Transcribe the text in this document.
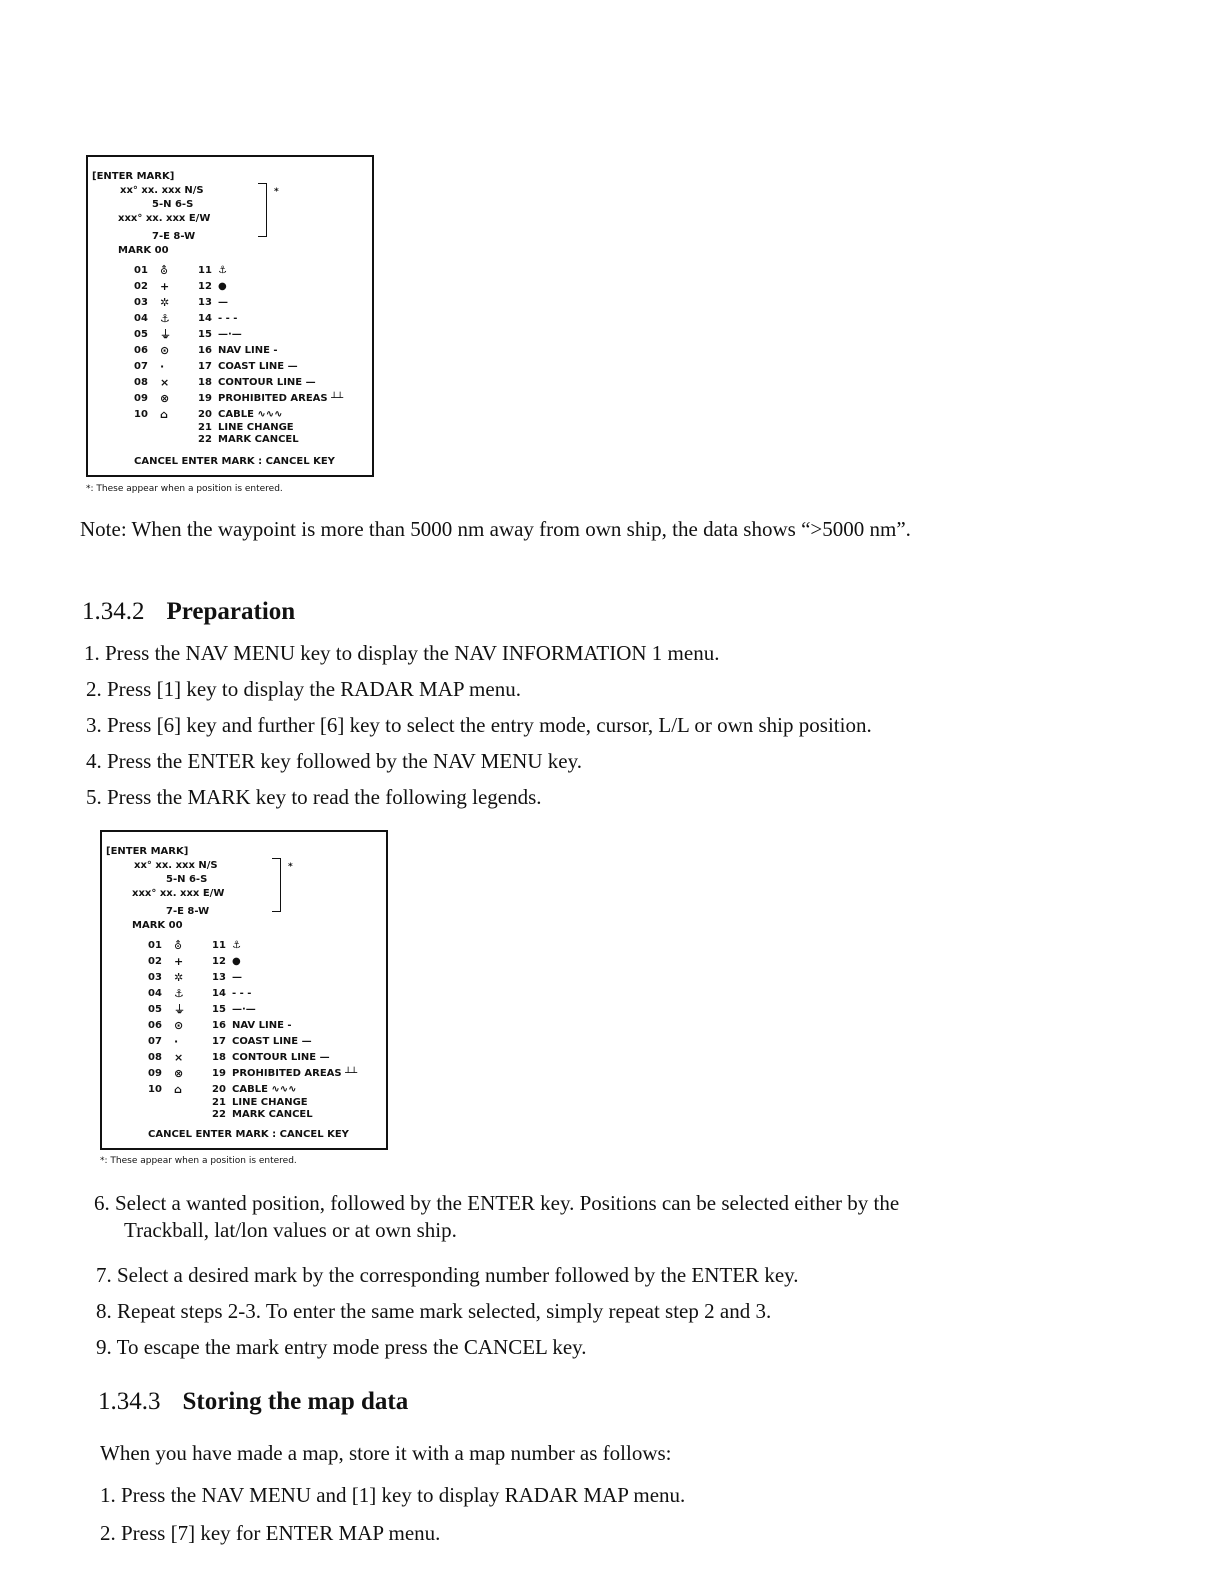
[ENTER MARK]
xx° xx. xxx N/S
5-N 6-S
xxx° xx. xxx E/W
7-E 8-W
MARK 00
*
01 ⛢
02 +
03 ✲
04 ⚓
05 ⏚
06 ⊙
07 ·
08 ×
09 ⊗
10 ⌂
11 ⚓
12 ●
13 —
14 - - -
15 —·—
16 NAV LINE -
17 COAST LINE —
18 CONTOUR LINE —
19 PROHIBITED AREAS ┴┴
20 CABLE ∿∿∿
21 LINE CHANGE
22 MARK CANCEL
CANCEL ENTER MARK : CANCEL KEY
*: These appear when a position is entered.
Note: When the waypoint is more than 5000 nm away from own ship, the data shows “>5000 nm”.
1.34.2 Preparation
1. Press the NAV MENU key to display the NAV INFORMATION 1 menu.
2. Press [1] key to display the RADAR MAP menu.
3. Press [6] key and further [6] key to select the entry mode, cursor, L/L or own ship position.
4. Press the ENTER key followed by the NAV MENU key.
5. Press the MARK key to read the following legends.
[ENTER MARK]
xx° xx. xxx N/S
5-N 6-S
xxx° xx. xxx E/W
7-E 8-W
MARK 00
*
01 ⛢
02 +
03 ✲
04 ⚓
05 ⏚
06 ⊙
07 ·
08 ×
09 ⊗
10 ⌂
11 ⚓
12 ●
13 —
14 - - -
15 —·—
16 NAV LINE -
17 COAST LINE —
18 CONTOUR LINE —
19 PROHIBITED AREAS ┴┴
20 CABLE ∿∿∿
21 LINE CHANGE
22 MARK CANCEL
CANCEL ENTER MARK : CANCEL KEY
*: These appear when a position is entered.
6. Select a wanted position, followed by the ENTER key. Positions can be selected either by the
Trackball, lat/lon values or at own ship.
7. Select a desired mark by the corresponding number followed by the ENTER key.
8. Repeat steps 2-3. To enter the same mark selected, simply repeat step 2 and 3.
9. To escape the mark entry mode press the CANCEL key.
1.34.3 Storing the map data
When you have made a map, store it with a map number as follows:
1. Press the NAV MENU and [1] key to display RADAR MAP menu.
2. Press [7] key for ENTER MAP menu.
